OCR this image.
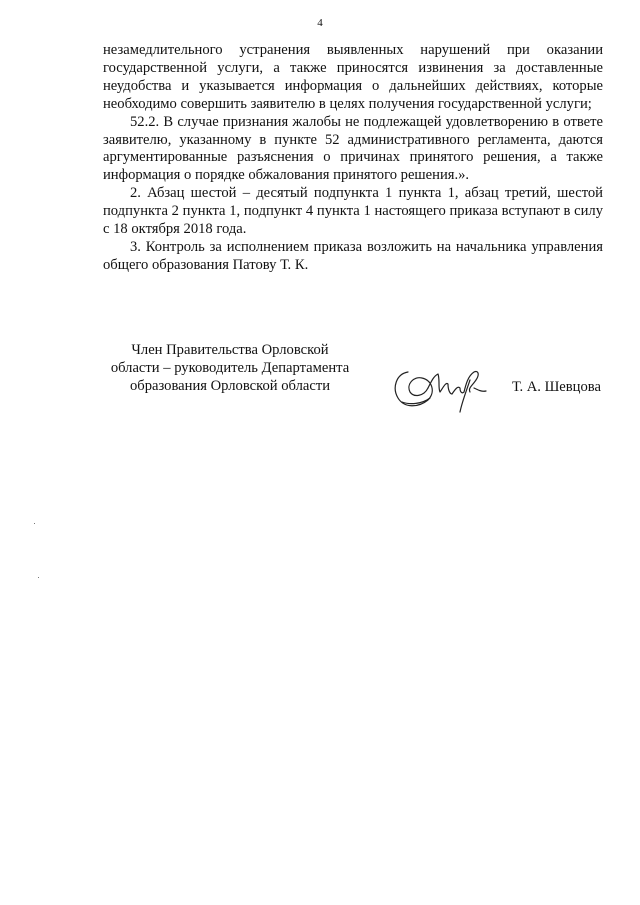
4

незамедлительного устранения выявленных нарушений при оказании государственной услуги, а также приносятся извинения за доставленные неудобства и указывается информация о дальнейших действиях, которые необходимо совершить заявителю в целях получения государственной услуги;

52.2. В случае признания жалобы не подлежащей удовлетворению в ответе заявителю, указанному в пункте 52 административного регламента, даются аргументированные разъяснения о причинах принятого решения, а также информация о порядке обжалования принятого решения.».

2. Абзац шестой – десятый подпункта 1 пункта 1, абзац третий, шестой подпункта 2 пункта 1, подпункт 4 пункта 1 настоящего приказа вступают в силу с 18 октября 2018 года.

3. Контроль за исполнением приказа возложить на начальника управления общего образования Патову Т. К.

Член Правительства Орловской
области – руководитель Департамента
образования Орловской области	Т. А. Шевцова
